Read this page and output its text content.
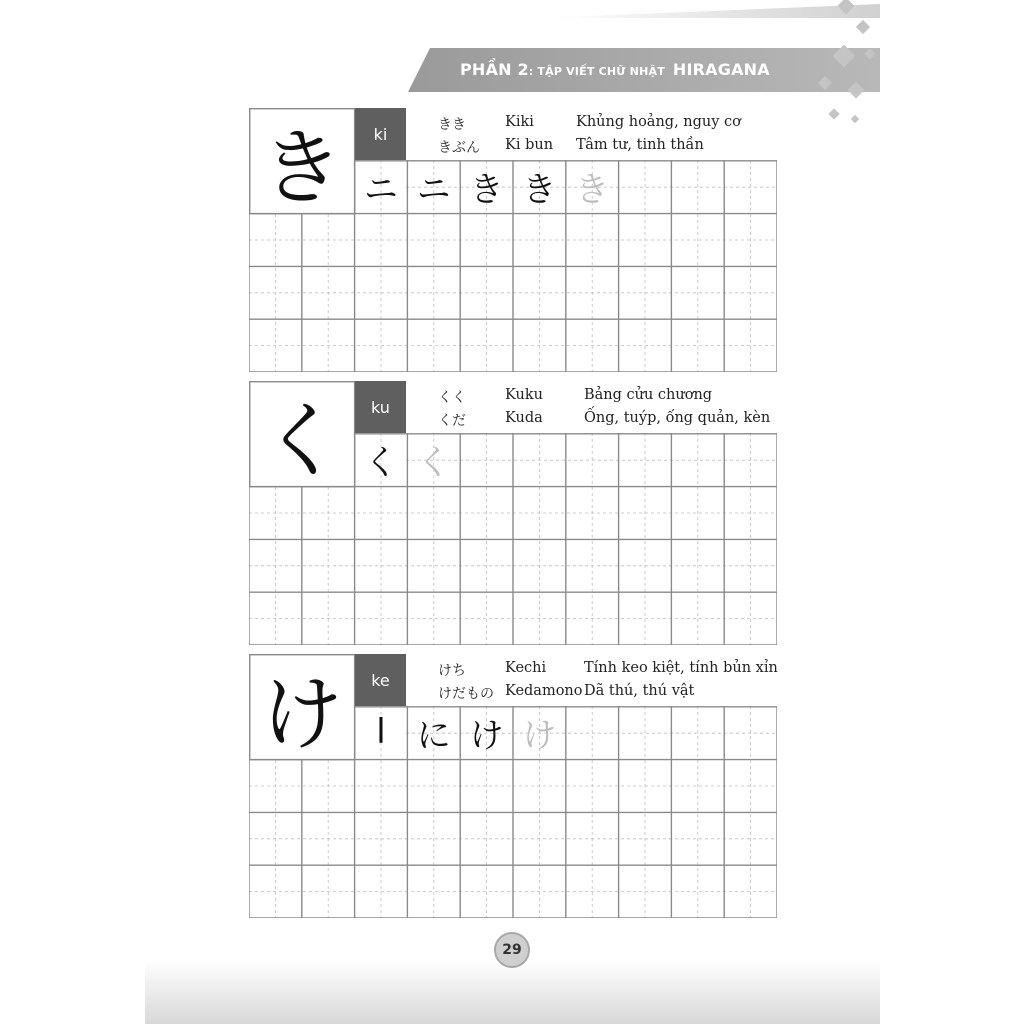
PHẦN 2: TẬP VIẾT CHỮ NHẬT HIRAGANA
き	ki	きき	Kiki	Khủng hoảng, nguy cơ
きぶん Ki bun Tâm tư, tinh thần
ニ ニ き き き
く	ku	くく	Kuku	Bảng cửu chương
くだ	Kuda	Ống, tuýp, ống quản, kèn
く く
け	ke	けち	Kechi	Tính keo kiệt, tính bủn xỉn
けだもの Kedamono Dã thú, thú vật
l に け け
29
